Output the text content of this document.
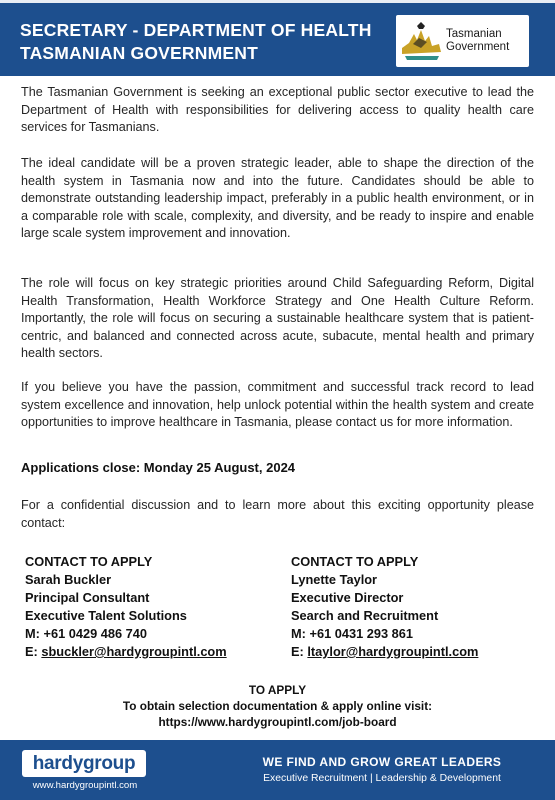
SECRETARY - DEPARTMENT OF HEALTH
TASMANIAN GOVERNMENT
Tasmanian
Government

The Tasmanian Government is seeking an exceptional public sector executive to lead the Department of Health with responsibilities for delivering access to quality health care services for Tasmanians.

The ideal candidate will be a proven strategic leader, able to shape the direction of the health system in Tasmania now and into the future. Candidates should be able to demonstrate outstanding leadership impact, preferably in a public health environment, or in a comparable role with scale, complexity, and diversity, and be ready to inspire and enable large scale system improvement and innovation.

The role will focus on key strategic priorities around Child Safeguarding Reform, Digital Health Transformation, Health Workforce Strategy and One Health Culture Reform. Importantly, the role will focus on securing a sustainable healthcare system that is patient-centric, and balanced and connected across acute, subacute, mental health and primary health sectors.

If you believe you have the passion, commitment and successful track record to lead system excellence and innovation, help unlock potential within the health system and create opportunities to improve healthcare in Tasmania, please contact us for more information.

Applications close: Monday 25 August, 2024

For a confidential discussion and to learn more about this exciting opportunity please contact:

CONTACT TO APPLY
Sarah Buckler
Principal Consultant
Executive Talent Solutions
M: +61 0429 486 740
E: sbuckler@hardygroupintl.com
CONTACT TO APPLY
Lynette Taylor
Executive Director
Search and Recruitment
M: +61 0431 293 861
E: ltaylor@hardygroupintl.com
TO APPLY
To obtain selection documentation & apply online visit:
https://www.hardygroupintl.com/job-board
hardygroup
www.hardygroupintl.com
WE FIND AND GROW GREAT LEADERS
Executive Recruitment | Leadership & Development
